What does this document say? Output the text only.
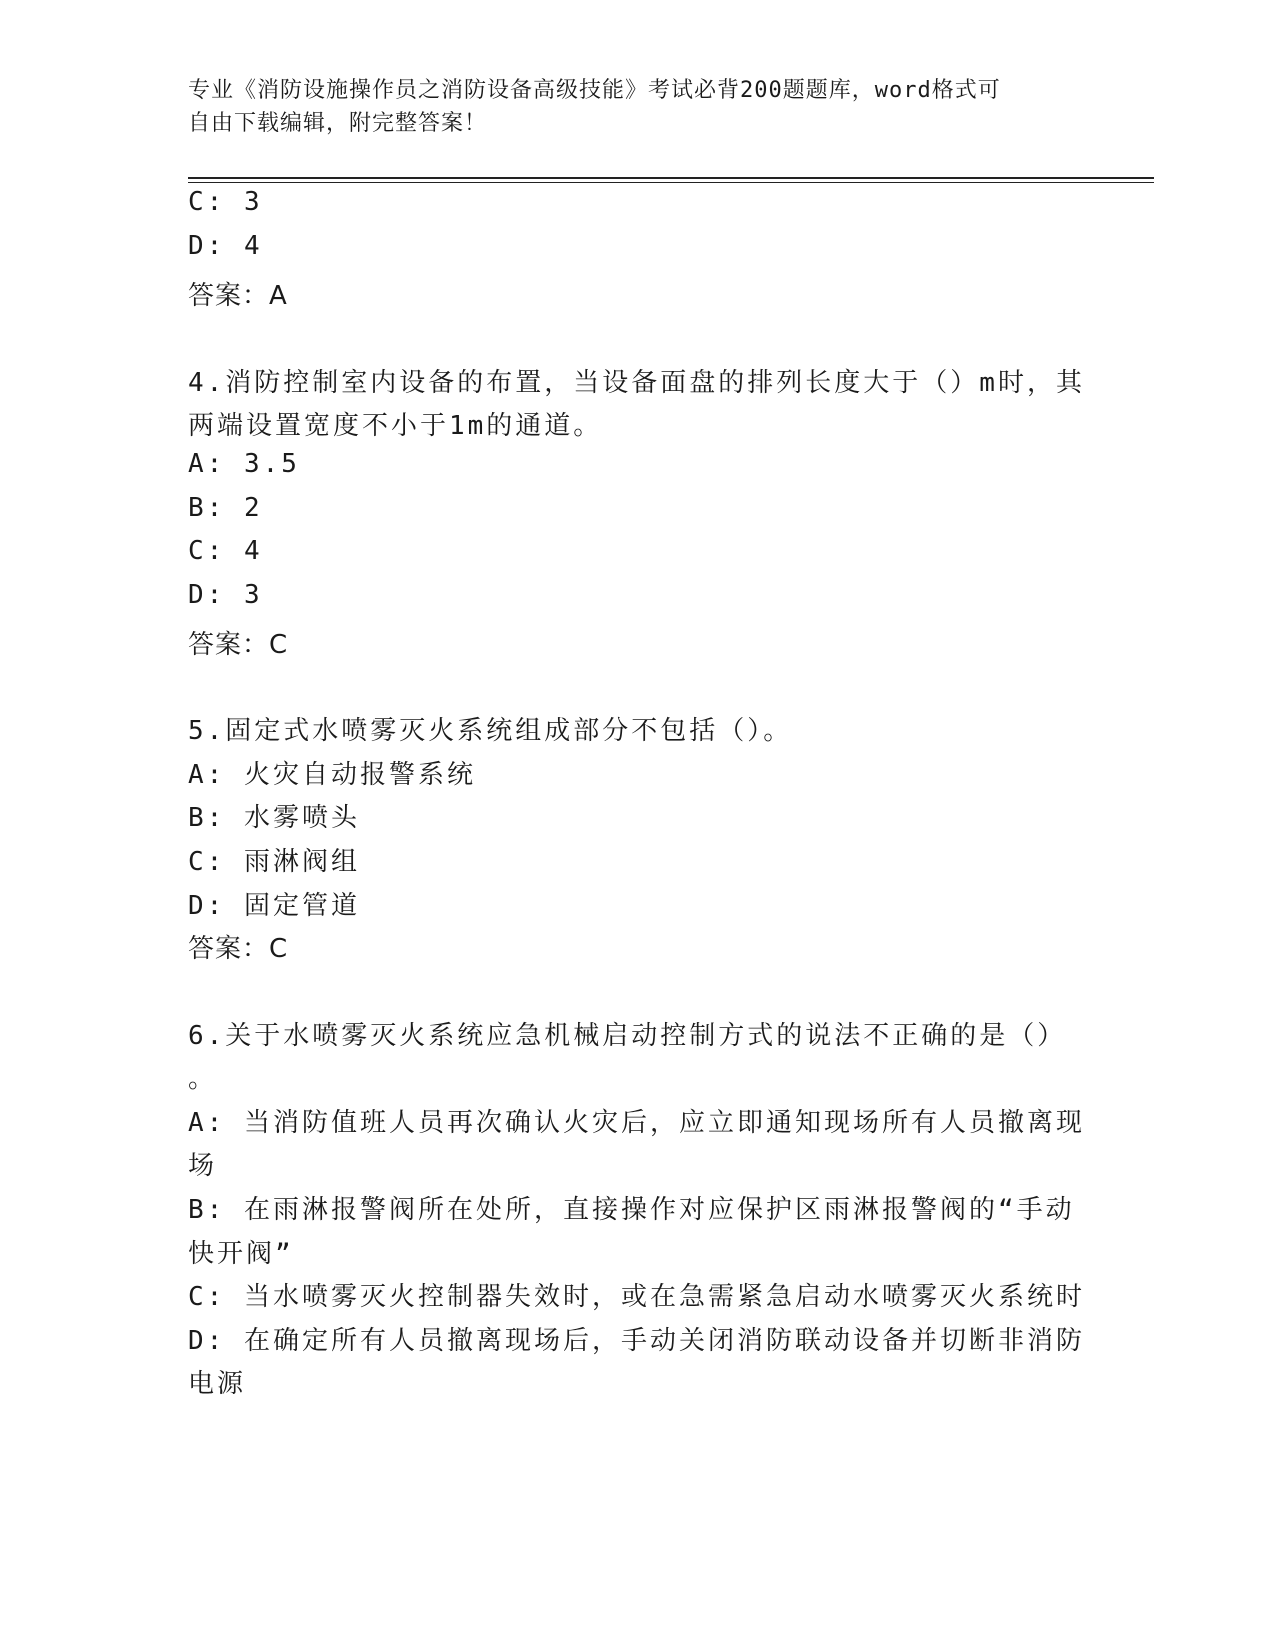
专业《消防设施操作员之消防设备高级技能》考试必背200题题库，word格式可
自由下载编辑，附完整答案！
C: 3
D: 4
答案：A
4.消防控制室内设备的布置，当设备面盘的排列长度大于（）m时，其
两端设置宽度不小于1m的通道。
A: 3.5
B: 2
C: 4
D: 3
答案：C
5.固定式水喷雾灭火系统组成部分不包括（）。
A: 火灾自动报警系统
B: 水雾喷头
C: 雨淋阀组
D: 固定管道
答案：C
6.关于水喷雾灭火系统应急机械启动控制方式的说法不正确的是（）
。
A: 当消防值班人员再次确认火灾后，应立即通知现场所有人员撤离现
场
B: 在雨淋报警阀所在处所，直接操作对应保护区雨淋报警阀的“手动
快开阀”
C: 当水喷雾灭火控制器失效时，或在急需紧急启动水喷雾灭火系统时
D: 在确定所有人员撤离现场后，手动关闭消防联动设备并切断非消防
电源
